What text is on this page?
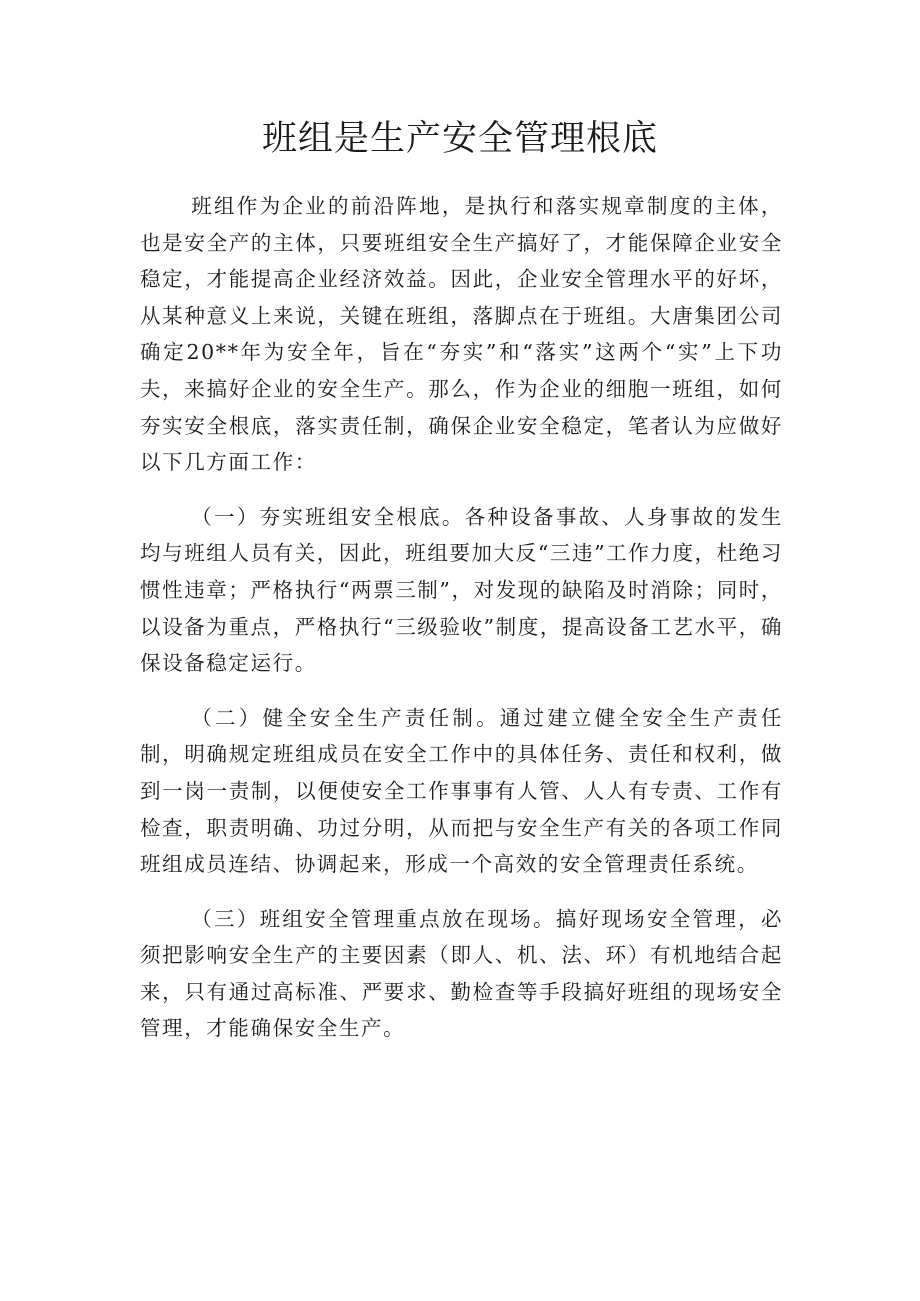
班组是生产安全管理根底

班组作为企业的前沿阵地，是执行和落实规章制度的主体，也是安全产的主体，只要班组安全生产搞好了，才能保障企业安全稳定，才能提高企业经济效益。因此，企业安全管理水平的好坏，从某种意义上来说，关键在班组，落脚点在于班组。大唐集团公司确定20**年为安全年，旨在“夯实”和“落实”这两个“实”上下功夫，来搞好企业的安全生产。那么，作为企业的细胞一班组，如何夯实安全根底，落实责任制，确保企业安全稳定，笔者认为应做好以下几方面工作：

（一）夯实班组安全根底。各种设备事故、人身事故的发生均与班组人员有关，因此，班组要加大反“三违”工作力度，杜绝习惯性违章；严格执行“两票三制”，对发现的缺陷及时消除；同时，以设备为重点，严格执行“三级验收”制度，提高设备工艺水平，确保设备稳定运行。

（二）健全安全生产责任制。通过建立健全安全生产责任制，明确规定班组成员在安全工作中的具体任务、责任和权利，做到一岗一责制，以便使安全工作事事有人管、人人有专责、工作有检查，职责明确、功过分明，从而把与安全生产有关的各项工作同班组成员连结、协调起来，形成一个高效的安全管理责任系统。

（三）班组安全管理重点放在现场。搞好现场安全管理，必须把影响安全生产的主要因素（即人、机、法、环）有机地结合起来，只有通过高标准、严要求、勤检查等手段搞好班组的现场安全管理，才能确保安全生产。
